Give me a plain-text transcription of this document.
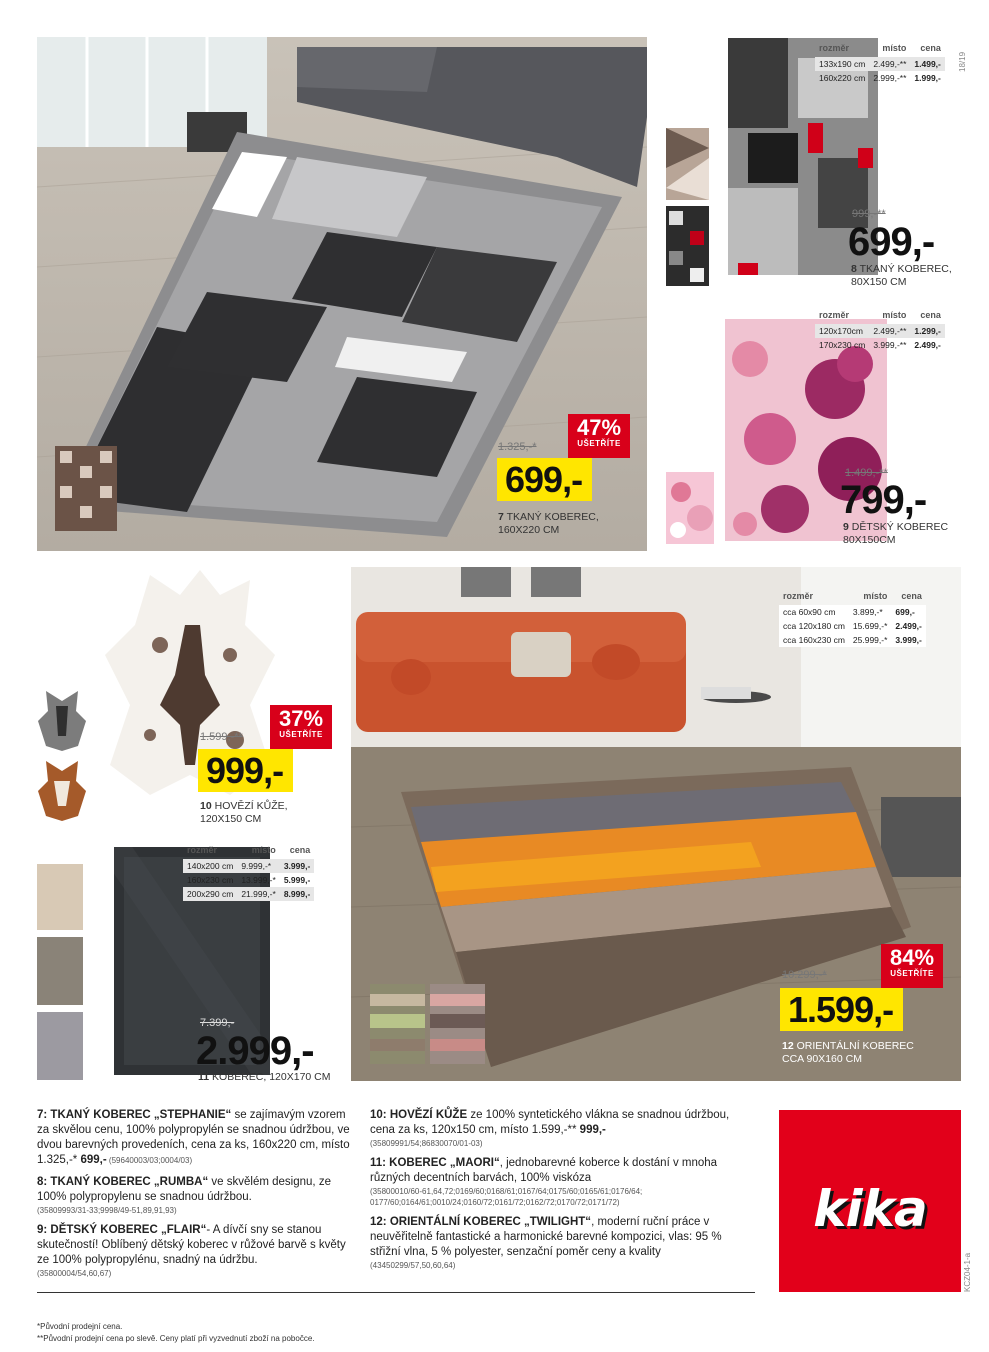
1.325,-*
47%
UŠETŘÍTE
699,-
7 TKANÝ KOBEREC,
160X220 CM
rozměr	místo	cena
133x190 cm	2.499,-**	1.499,-
160x220 cm	2.999,-**	1.999,-
999,-**
699,-
8 TKANÝ KOBEREC,
80X150 CM
rozměr	místo	cena
120x170cm	2.499,-**	1.299,-
170x230 cm	3.999,-**	2.499,-
1.499,-**
799,-
9 DĚTSKÝ KOBEREC
80X150CM
1.599,-**
37%
UŠETŘÍTE
999,-
10 HOVĚZÍ KŮŽE,
120X150 CM
rozměr	místo	cena
140x200 cm	9.999,-*	3.999,-
160x230 cm	13.999,-*	5.999,-
200x290 cm	21.999,-*	8.999,-
7.399,-
2.999,-
11 KOBEREC, 120X170 CM
rozměr	místo	cena
cca 60x90 cm	3.899,-*	699,-
cca 120x180 cm	15.699,-*	2.499,-
cca 160x230 cm	25.999,-*	3.999,-
10.299,-*
84%
UŠETŘÍTE
1.599,-
12 ORIENTÁLNÍ KOBEREC
CCA 90X160 CM

7: TKANÝ KOBEREC „STEPHANIE“ se zajímavým vzorem za skvělou cenu, 100% polypropylén se snadnou údržbou, ve dvou barevných provedeních, cena za ks, 160x220 cm, místo 1.325,-* 699,- (59640003/03;0004/03)

8: TKANÝ KOBEREC „RUMBA“ ve skvělém designu, ze 100% polypropylenu se snadnou údržbou.
(35809993/31-33;9998/49-51,89,91,93)

9: DĚTSKÝ KOBEREC „FLAIR“- A dívčí sny se stanou skutečností! Oblíbený dětský koberec v růžové barvě s květy ze 100% polypropylénu, snadný na údržbu.
(35800004/54,60,67)

10: HOVĚZÍ KŮŽE ze 100% syntetického vlákna se snadnou údržbou, cena za ks, 120x150 cm, místo 1.599,-** 999,-
(35809991/54;86830070/01-03)

11: KOBEREC „MAORI“, jednobarevné koberce k dostání v mnoha různých decentních barvách, 100% viskóza
(35800010/60-61,64,72;0169/60;0168/61;0167/64;0175/60;0165/61;0176/64; 0177/60;0164/61;0010/24;0160/72;0161/72;0162/72;0170/72;0171/72)

12: ORIENTÁLNÍ KOBEREC „TWILIGHT“, moderní ruční práce v neuvěřitelně fantastické a harmonické barevné kompozici, vlas: 95 % střižní vlna, 5 % polyester, senzační poměr ceny a kvality
(43450299/57,50,60,64)

kika
*Původní prodejní cena.
**Původní prodejní cena po slevě. Ceny platí při vyzvednutí zboží na pobočce.
18/19
KCZ04-1-a
